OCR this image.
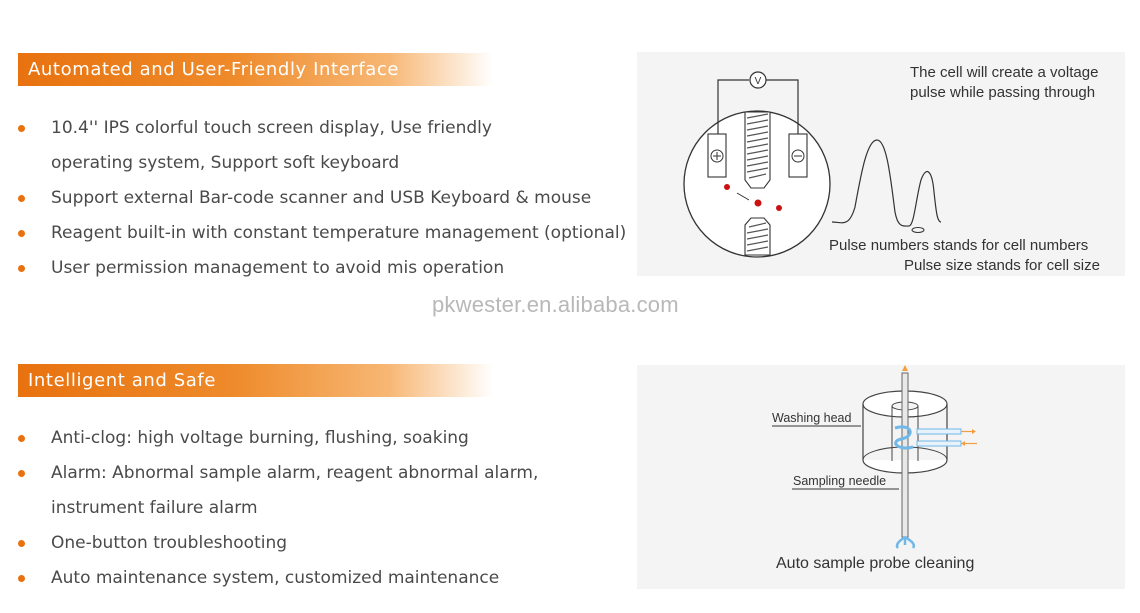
Automated and User-Friendly Interface
10.4'' IPS colorful touch screen display, Use friendly
operating system, Support soft keyboard
Support external Bar-code scanner and USB Keyboard & mouse
Reagent built-in with constant temperature management (optional)
User permission management to avoid mis operation
V
The cell will create a voltage
pulse while passing through
Pulse numbers stands for cell numbers
Pulse size stands for cell size
pkwester.en.alibaba.com
Intelligent and Safe
Anti-clog: high voltage burning, flushing, soaking
Alarm: Abnormal sample alarm, reagent abnormal alarm,
instrument failure alarm
One-button troubleshooting
Auto maintenance system, customized maintenance
Washing head
Sampling needle
Auto sample probe cleaning
